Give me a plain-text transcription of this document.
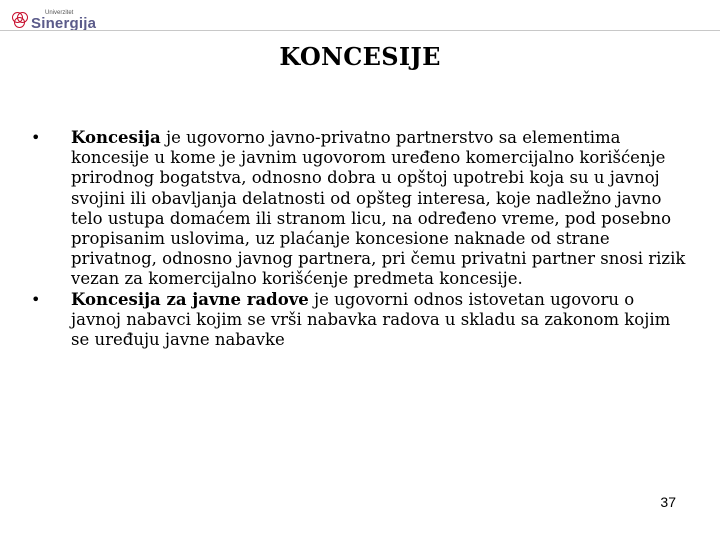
Univerzitet
Sinergija
KONCESIJE
• Koncesija je ugovorno javno-privatno partnerstvo sa elementima koncesije u kome je javnim ugovorom uređeno komercijalno korišćenje prirodnog bogatstva, odnosno dobra u opštoj upotrebi koja su u javnoj svojini ili obavljanja delatnosti od opšteg interesa, koje nadležno javno telo ustupa domaćem ili stranom licu, na određeno vreme, pod posebno propisanim uslovima, uz plaćanje koncesione naknade od strane privatnog, odnosno javnog partnera, pri čemu privatni partner snosi rizik vezan za komercijalno korišćenje predmeta koncesije.
• Koncesija za javne radove je ugovorni odnos istovetan ugovoru o javnoj nabavci kojim se vrši nabavka radova u skladu sa zakonom kojim se uređuju javne nabavke
37
